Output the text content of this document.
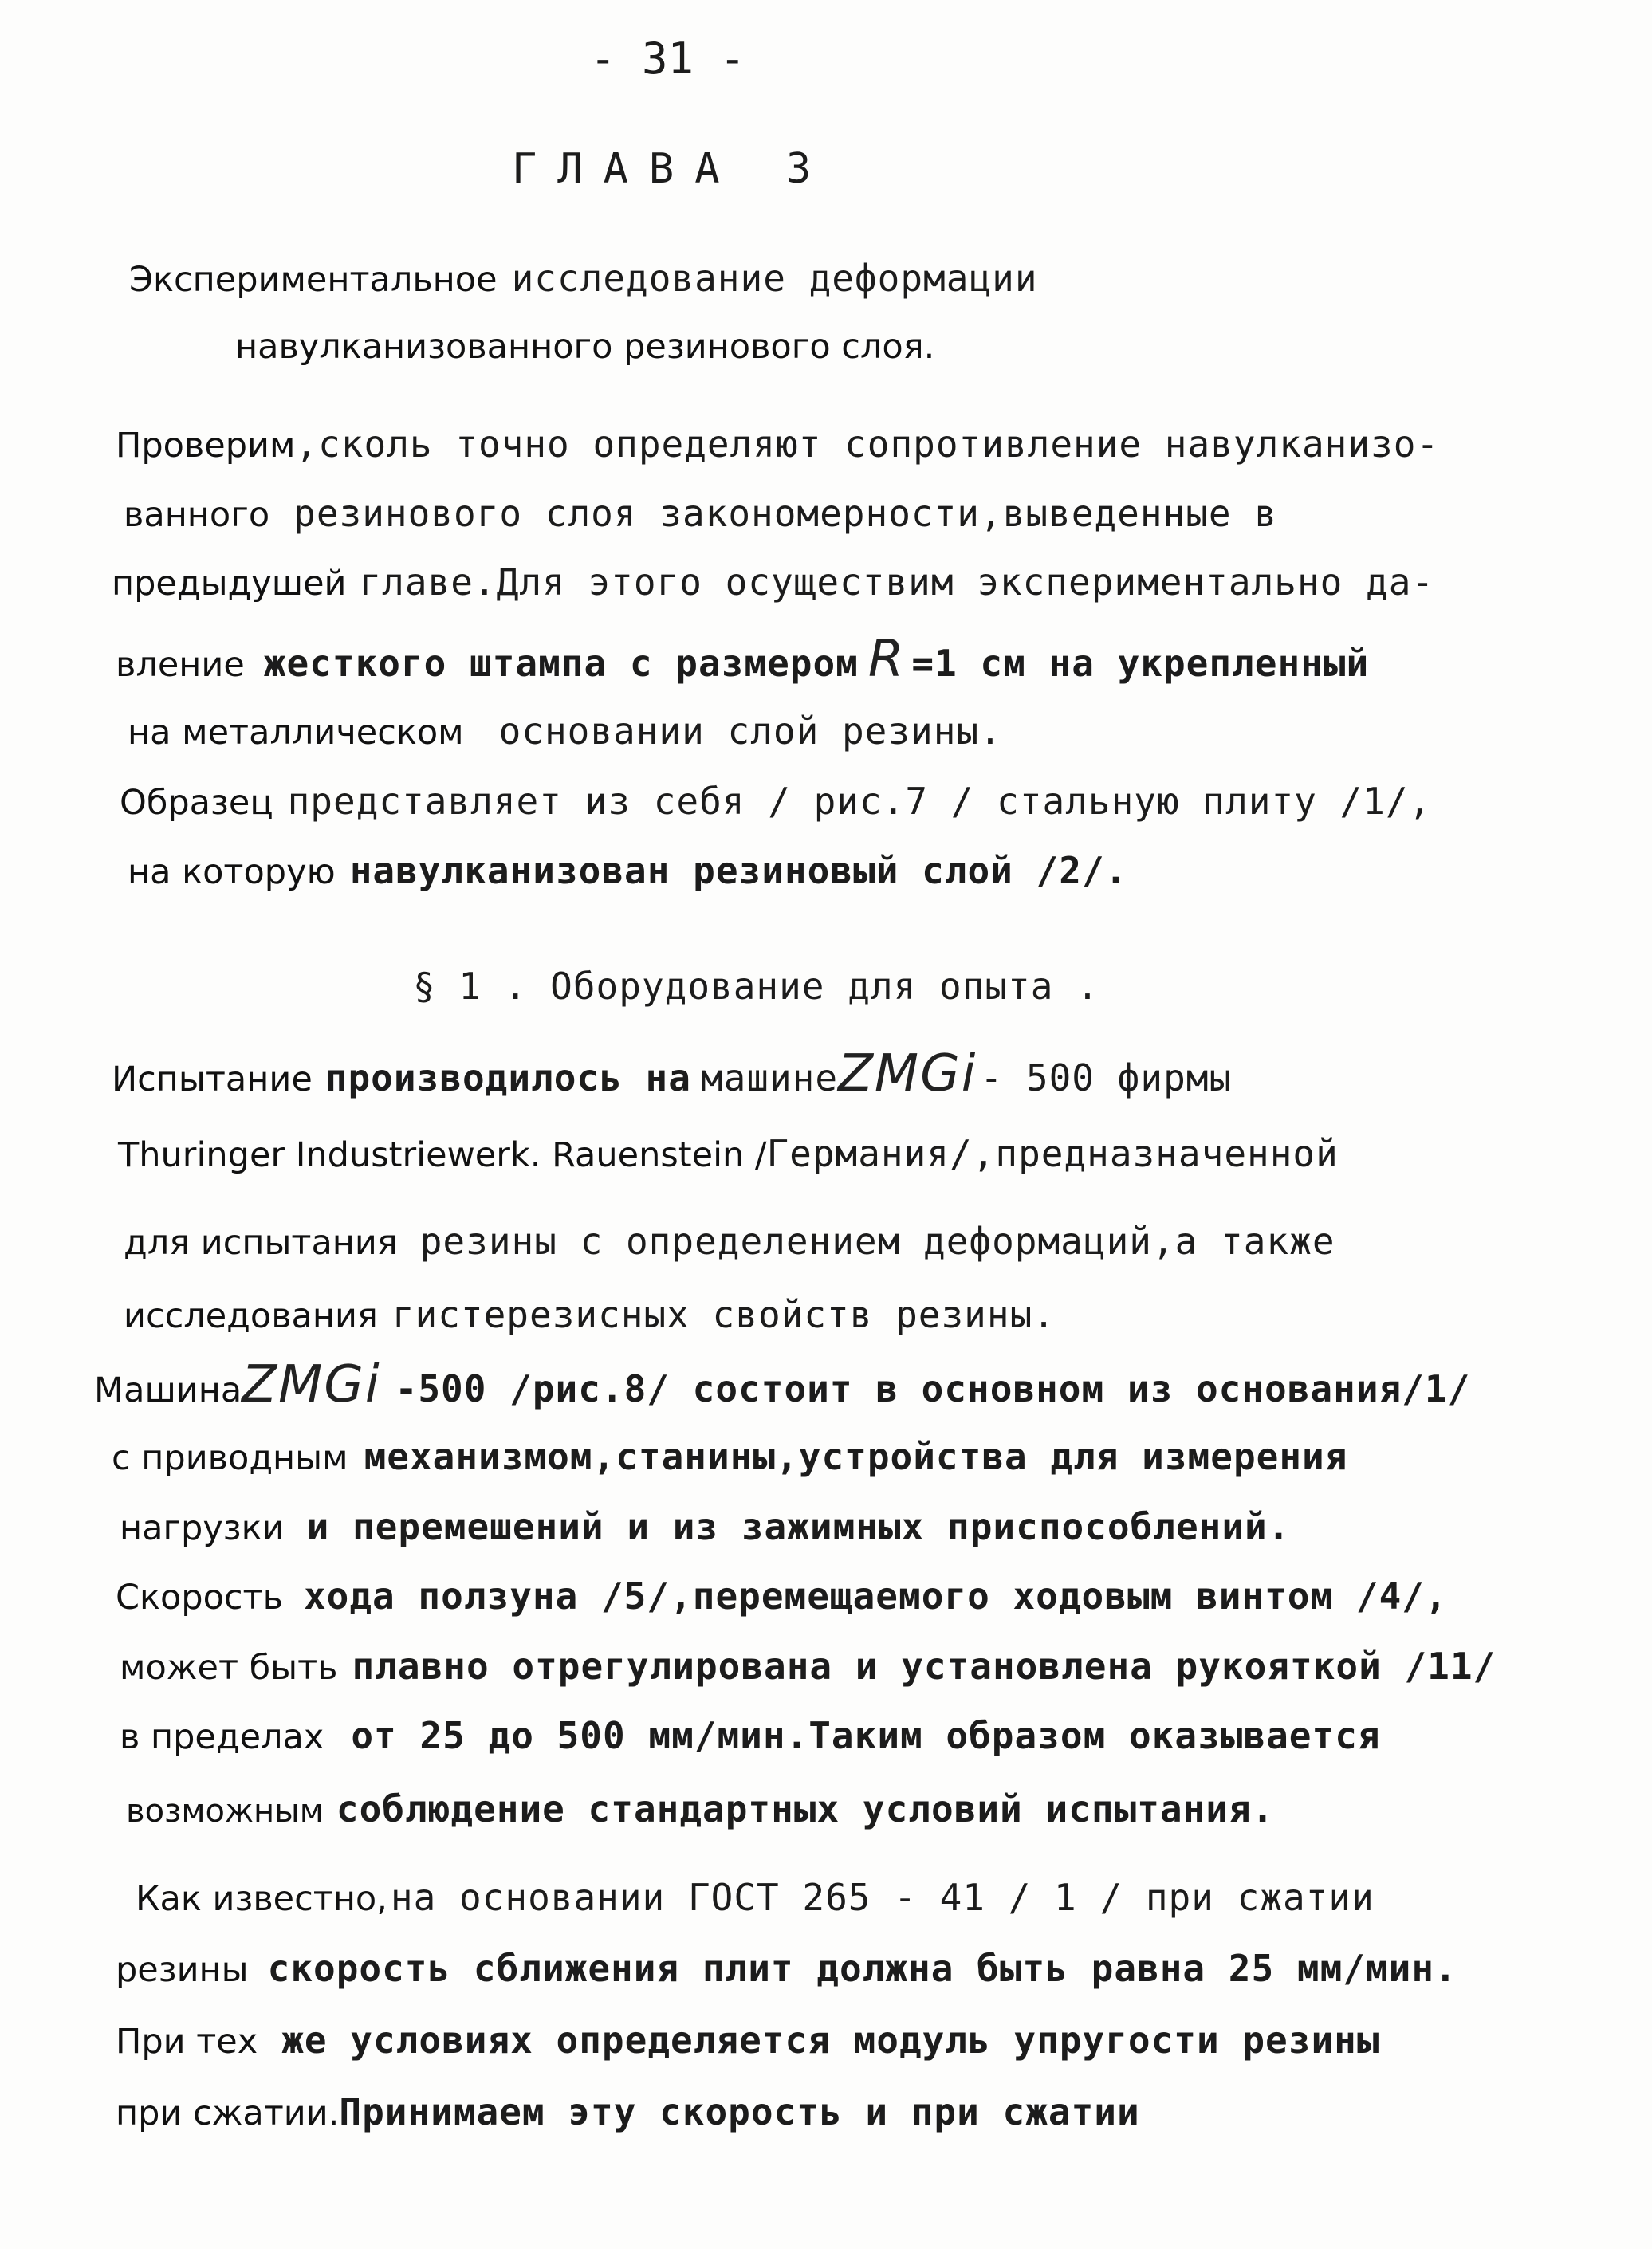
- 31 -
ГЛАВА 3
Экспериментальное исследование деформации
навулканизованного резинового слоя.
Проверим,сколь точно определяют сопротивление навулканизо-
ванного резинового слоя закономерности,выведенные в
предыдушей главе.Для этого осуществим экспериментально да-
вление жесткого штампа с размером R =1 см на укрепленный
на металлическом основании слой резины.
Образец представляет из себя / рис.7 / стальную плиту /1/,
на которую навулканизован резиновый слой /2/.
§ 1 . Оборудование для опыта .
Испытание производилось на машинеZMGi - 500 фирмы
Thuringer Industriewerk. Rauenstein /Германия/,предназначенной
для испытания резины с определением деформаций,а также
исследования гистерезисных свойств резины.
МашинаZMGi -500 /рис.8/ состоит в основном из основания/1/
с приводным механизмом,станины,устройства для измерения
нагрузки и перемешений и из зажимных приспособлений.
Скорость хода ползуна /5/,перемещаемого ходовым винтом /4/,
может быть плавно отрегулирована и установлена рукояткой /11/
в пределах от 25 до 500 мм/мин.Таким образом оказывается
возможным соблюдение стандартных условий испытания.
Как известно, на основании ГОСТ 265 - 41 / 1 / при сжатии
резины скорость сближения плит должна быть равна 25 мм/мин.
При тех же условиях определяется модуль упругости резины
при сжатии.Принимаем эту скорость и при сжатии
